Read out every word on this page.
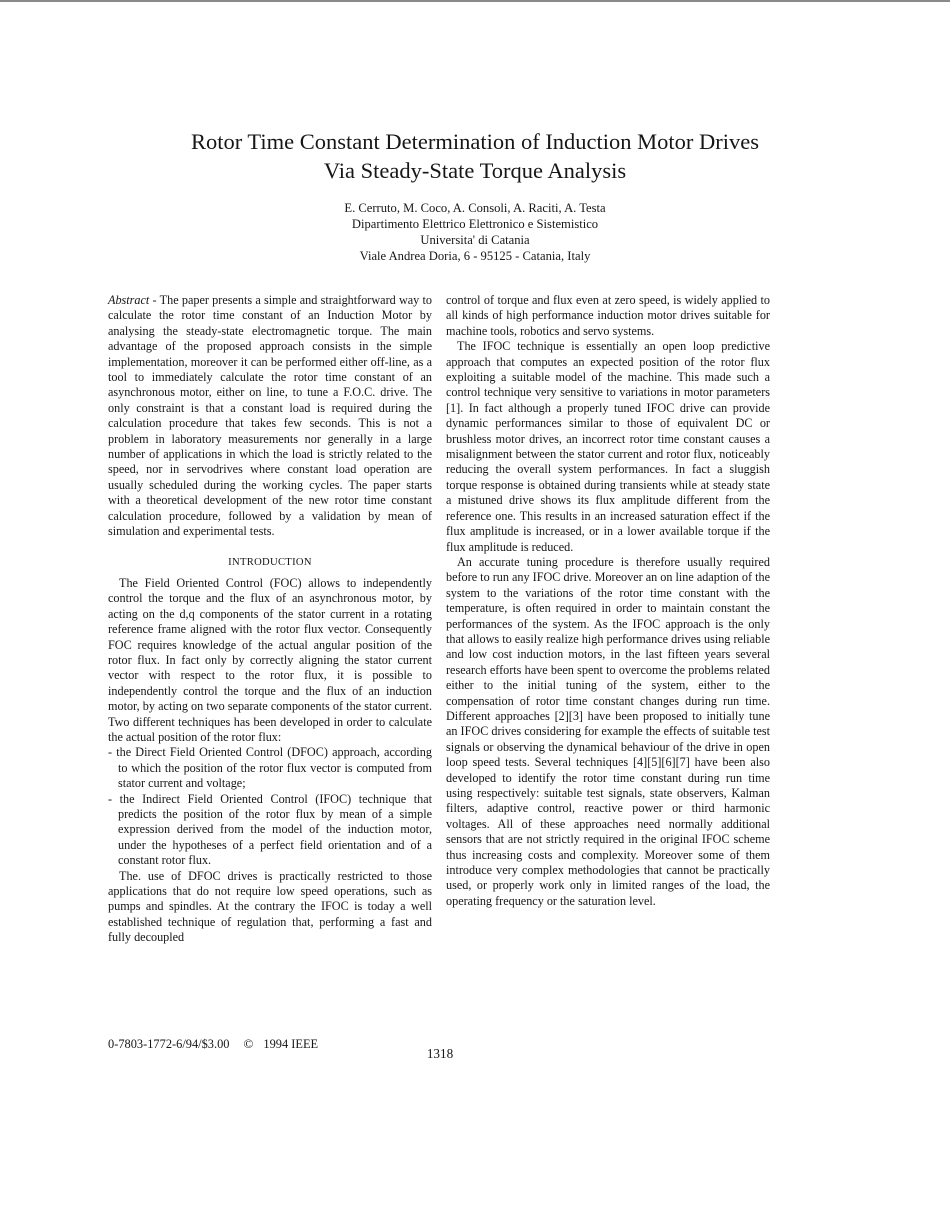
Rotor Time Constant Determination of Induction Motor Drives
Via Steady-State Torque Analysis
E. Cerruto, M. Coco, A. Consoli, A. Raciti, A. Testa
Dipartimento Elettrico Elettronico e Sistemistico
Universita' di Catania
Viale Andrea Doria, 6 - 95125 - Catania, Italy

Abstract - The paper presents a simple and straightforward way to calculate the rotor time constant of an Induction Motor by analysing the steady-state electromagnetic torque. The main advantage of the proposed approach consists in the simple implementation, moreover it can be performed either off-line, as a tool to immediately calculate the rotor time constant of an asynchronous motor, either on line, to tune a F.O.C. drive. The only constraint is that a constant load is required during the calculation procedure that takes few seconds. This is not a problem in laboratory measurements nor generally in a large number of applications in which the load is strictly related to the speed, nor in servodrives where constant load operation are usually scheduled during the working cycles. The paper starts with a theoretical development of the new rotor time constant calculation procedure, followed by a validation by mean of simulation and experimental tests.

INTRODUCTION

The Field Oriented Control (FOC) allows to independently control the torque and the flux of an asynchronous motor, by acting on the d,q components of the stator current in a rotating reference frame aligned with the rotor flux vector. Consequently FOC requires knowledge of the actual angular position of the rotor flux. In fact only by correctly aligning the stator current vector with respect to the rotor flux, it is possible to independently control the torque and the flux of an induction motor, by acting on two separate components of the stator current. Two different techniques has been developed in order to calculate the actual position of the rotor flux:

- the Direct Field Oriented Control (DFOC) approach, according to which the position of the rotor flux vector is computed from stator current and voltage;

- the Indirect Field Oriented Control (IFOC) technique that predicts the position of the rotor flux by mean of a simple expression derived from the model of the induction motor, under the hypotheses of a perfect field orientation and of a constant rotor flux.

The. use of DFOC drives is practically restricted to those applications that do not require low speed operations, such as pumps and spindles. At the contrary the IFOC is today a well established technique of regulation that, performing a fast and fully decoupled

control of torque and flux even at zero speed, is widely applied to all kinds of high performance induction motor drives suitable for machine tools, robotics and servo systems.

The IFOC technique is essentially an open loop predictive approach that computes an expected position of the rotor flux exploiting a suitable model of the machine. This made such a control technique very sensitive to variations in motor parameters [1]. In fact although a properly tuned IFOC drive can provide dynamic performances similar to those of equivalent DC or brushless motor drives, an incorrect rotor time constant causes a misalignment between the stator current and rotor flux, noticeably reducing the overall system performances. In fact a sluggish torque response is obtained during transients while at steady state a mistuned drive shows its flux amplitude different from the reference one. This results in an increased saturation effect if the flux amplitude is increased, or in a lower available torque if the flux amplitude is reduced.

An accurate tuning procedure is therefore usually required before to run any IFOC drive. Moreover an on line adaption of the system to the variations of the rotor time constant with the temperature, is often required in order to maintain constant the performances of the system. As the IFOC approach is the only that allows to easily realize high performance drives using reliable and low cost induction motors, in the last fifteen years several research efforts have been spent to overcome the problems related either to the initial tuning of the system, either to the compensation of rotor time constant changes during run time. Different approaches [2][3] have been proposed to initially tune an IFOC drives considering for example the effects of suitable test signals or observing the dynamical behaviour of the drive in open loop speed tests. Several techniques [4][5][6][7] have been also developed to identify the rotor time constant during run time using respectively: suitable test signals, state observers, Kalman filters, adaptive control, reactive power or third harmonic voltages. All of these approaches need normally additional sensors that are not strictly required in the original IFOC scheme thus increasing costs and complexity. Moreover some of them introduce very complex methodologies that cannot be practically used, or properly work only in limited ranges of the load, the operating frequency or the saturation level.

0-7803-1772-6/94/$3.00 © 1994 IEEE
1318
